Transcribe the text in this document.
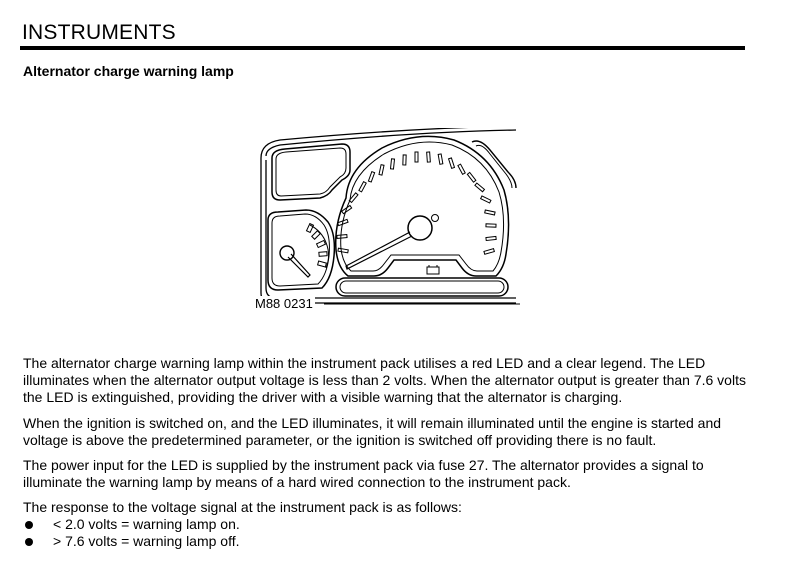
INSTRUMENTS
Alternator charge warning lamp
M88 0231

The alternator charge warning lamp within the instrument pack utilises a red LED and a clear legend. The LED illuminates when the alternator output voltage is less than 2 volts. When the alternator output is greater than 7.6 volts the LED is extinguished, providing the driver with a visible warning that the alternator is charging.

When the ignition is switched on, and the LED illuminates, it will remain illuminated until the engine is started and voltage is above the predetermined parameter, or the ignition is switched off providing there is no fault.

The power input for the LED is supplied by the instrument pack via fuse 27. The alternator provides a signal to illuminate the warning lamp by means of a hard wired connection to the instrument pack.

The response to the voltage signal at the instrument pack is as follows:

< 2.0 volts = warning lamp on.
> 7.6 volts = warning lamp off.
